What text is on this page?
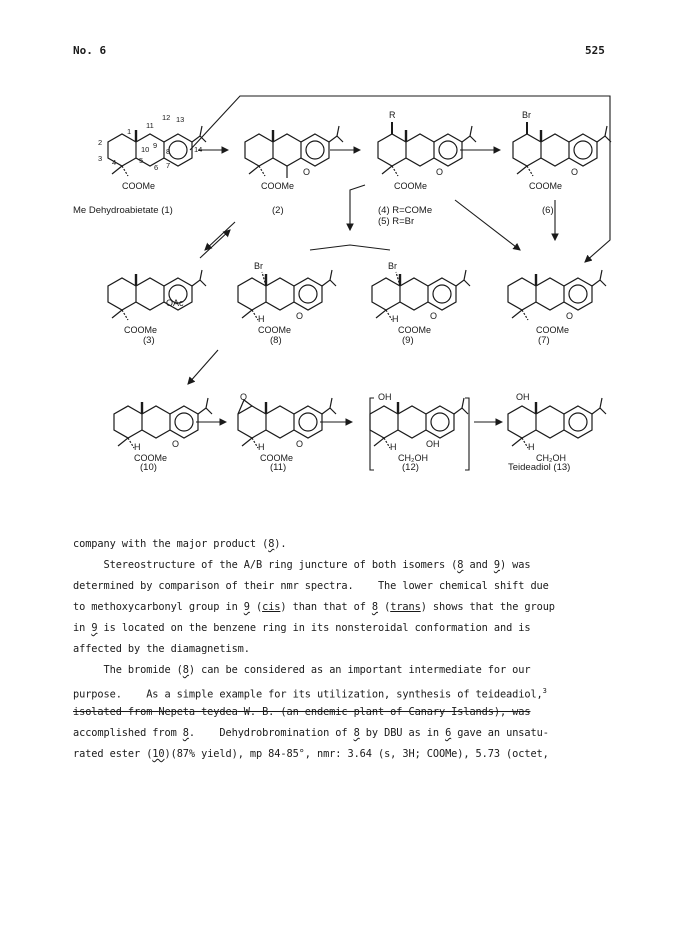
No. 6	525
1
2
3 4	5
6 7
8
9
10
11
12 13
14
COOMe
Me Dehydroabietate (1)
O
COOMe
(2)
R
O
COOMe
(4) R=COMe
(5) R=Br
Br
O
COOMe
(6)
OAc
COOMe
(3)
Br
O
H
COOMe
(8)
Br
O
H
COOMe
(9)
O
COOMe
(7)
O
H
COOMe
(10)
O
O
H
COOMe
(11)
OH
OH
H
CH₂OH
(12)
OH
H
CH₂OH
Teideadiol (13)
company with the major product (8).
Stereostructure of the A/B ring juncture of both isomers (8 and 9) was
determined by comparison of their nmr spectra.    The lower chemical shift due
to methoxycarbonyl group in 9 (cis) than that of 8 (trans) shows that the group
in 9 is located on the benzene ring in its nonsteroidal conformation and is
affected by the diamagnetism.
The bromide (8) can be considered as an important intermediate for our
purpose.    As a simple example for its utilization, synthesis of teideadiol,$^3$
isolated from Nepeta teydea W. B. (an endemic plant of Canary Islands), was
accomplished from 8.    Dehydrobromination of 8 by DBU as in 6 gave an unsatu-
rated ester (10)(87% yield), mp 84-85°, nmr: 3.64 (s, 3H; COOMe), 5.73 (octet,
